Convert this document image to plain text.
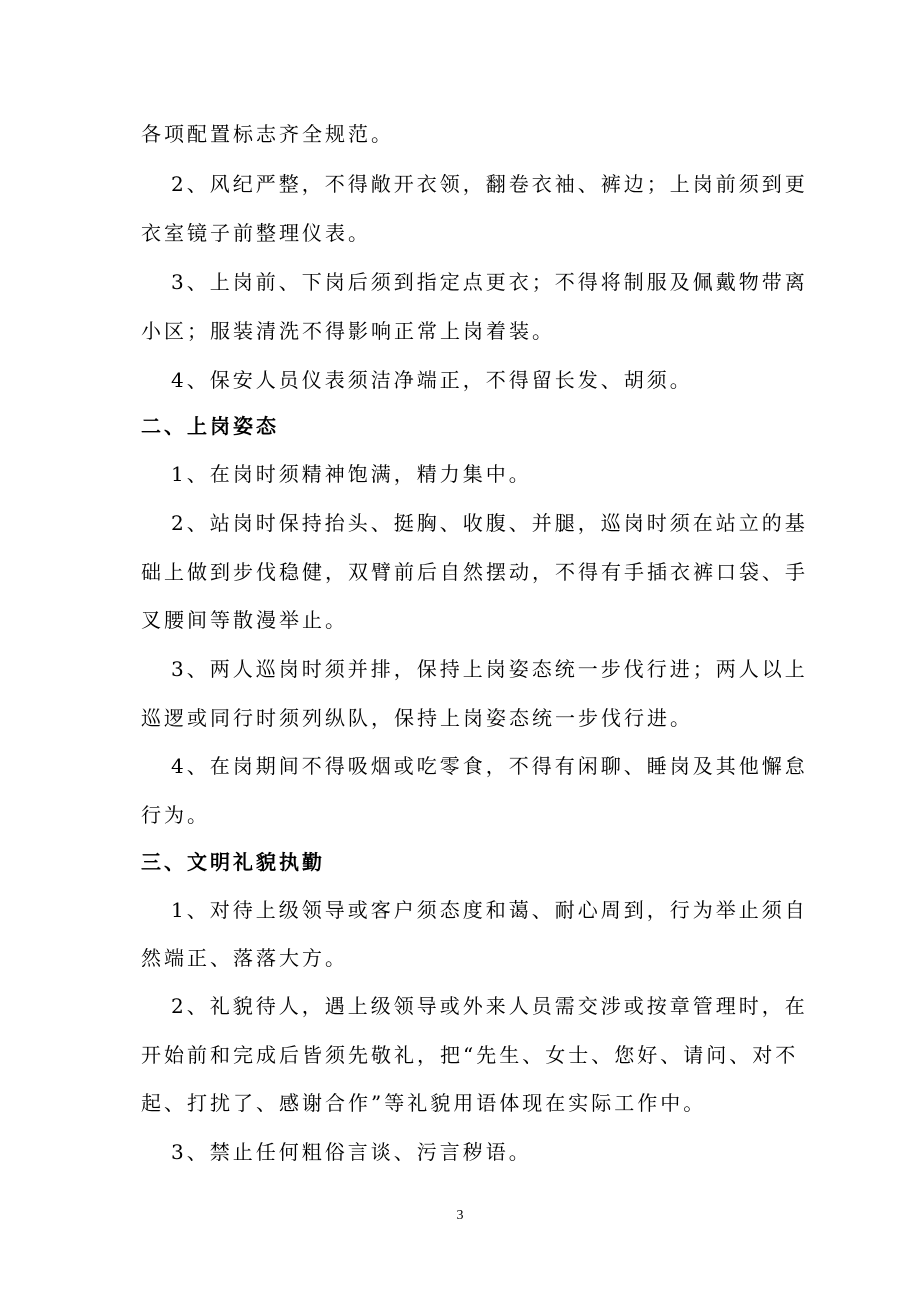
各项配置标志齐全规范。
2、风纪严整，不得敞开衣领，翻卷衣袖、裤边；上岗前须到更
衣室镜子前整理仪表。
3、上岗前、下岗后须到指定点更衣；不得将制服及佩戴物带离
小区；服装清洗不得影响正常上岗着装。
4、保安人员仪表须洁净端正，不得留长发、胡须。
二、上岗姿态
1、在岗时须精神饱满，精力集中。
2、站岗时保持抬头、挺胸、收腹、并腿，巡岗时须在站立的基
础上做到步伐稳健，双臂前后自然摆动，不得有手插衣裤口袋、手
叉腰间等散漫举止。
3、两人巡岗时须并排，保持上岗姿态统一步伐行进；两人以上
巡逻或同行时须列纵队，保持上岗姿态统一步伐行进。
4、在岗期间不得吸烟或吃零食，不得有闲聊、睡岗及其他懈怠
行为。
三、文明礼貌执勤
1、对待上级领导或客户须态度和蔼、耐心周到，行为举止须自
然端正、落落大方。
2、礼貌待人，遇上级领导或外来人员需交涉或按章管理时，在
开始前和完成后皆须先敬礼，把“先生、女士、您好、请问、对不
起、打扰了、感谢合作”等礼貌用语体现在实际工作中。
3、禁止任何粗俗言谈、污言秽语。
3
